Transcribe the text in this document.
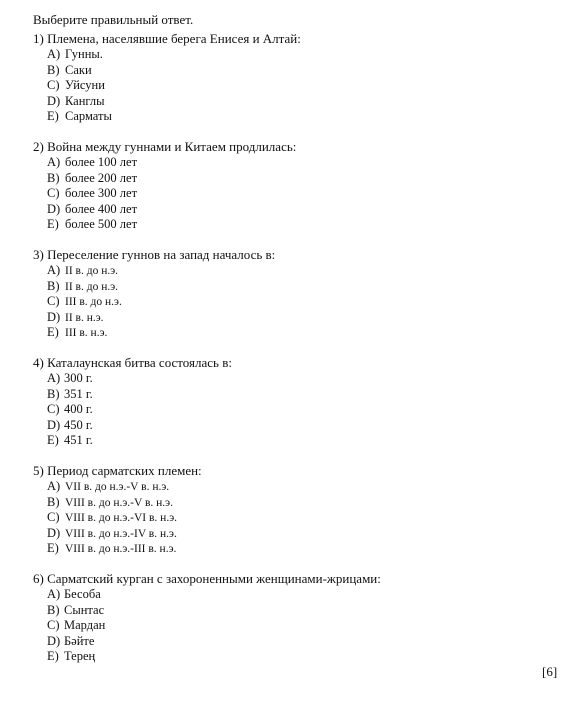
Выберите правильный ответ.
1) Племена, населявшие берега Енисея и Алтай:
A) Гунны.
B) Саки
C) Уйсуни
D) Канглы
E) Сарматы
2) Война между гуннами и Китаем продлилась:
A) более 100 лет
B) более 200 лет
C) более 300 лет
D) более 400 лет
E) более 500 лет
3) Переселение гуннов на запад началось в:
A) II в. до н.э.
B) II в. до н.э.
C) III в. до н.э.
D) II в. н.э.
E) III в. н.э.
4) Каталаунская битва состоялась в:
A) 300 г.
B) 351 г.
C) 400 г.
D) 450 г.
E) 451 г.
5) Период сарматских племен:
A) VII в. до н.э.-V в. н.э.
B) VIII в. до н.э.-V в. н.э.
C) VIII в. до н.э.-VI в. н.э.
D) VIII в. до н.э.-IV в. н.э.
E) VIII в. до н.э.-III в. н.э.
6) Сарматский курган с захороненными женщинами-жрицами:
A) Бесоба
B) Сынтас
C) Мардан
D) Бәйте
E) Терең
[6]
